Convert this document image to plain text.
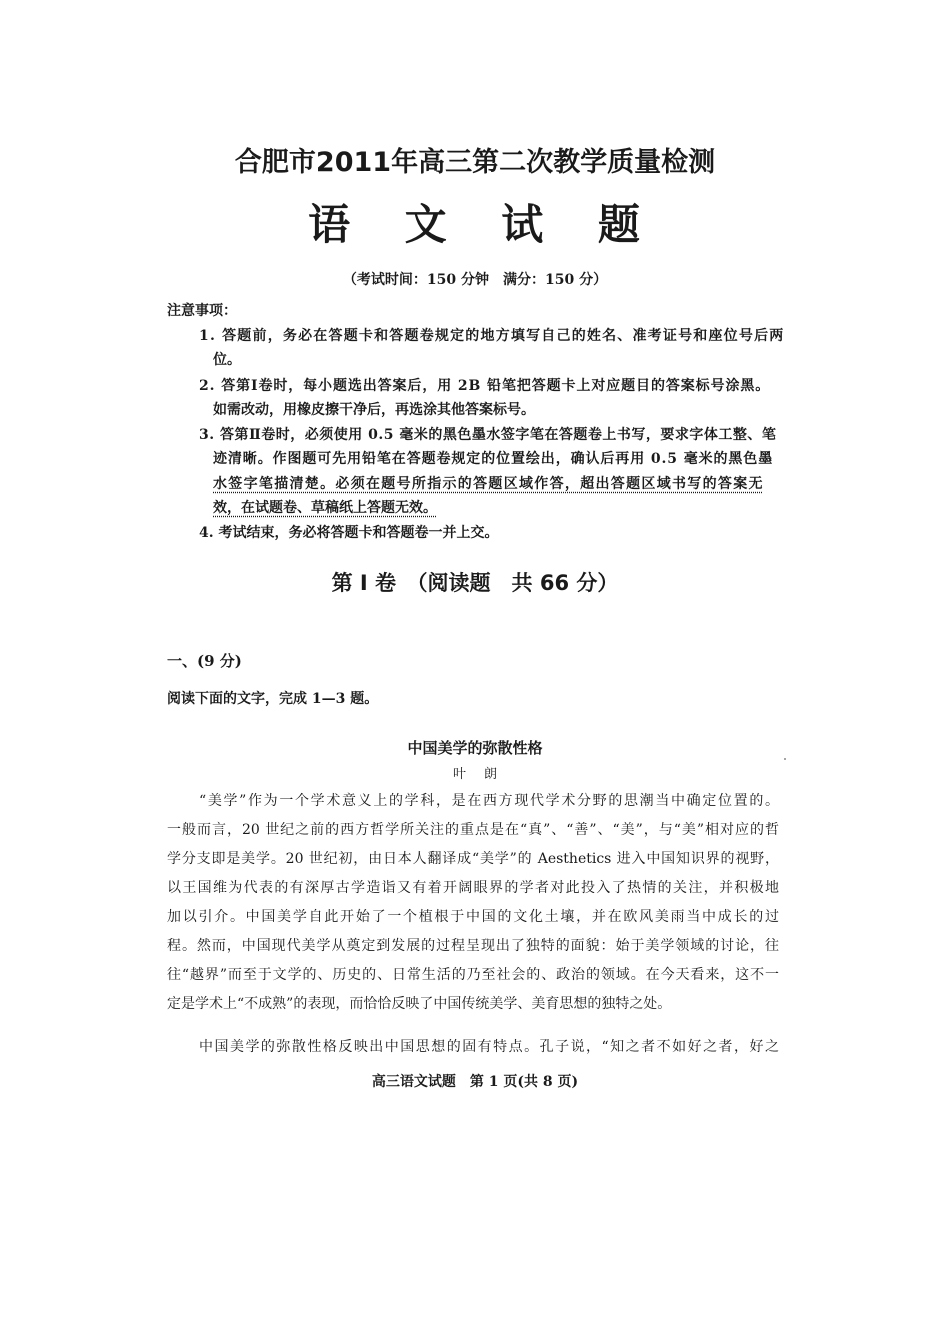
合肥市2011年高三第二次教学质量检测
语 文 试 题
（考试时间：150 分钟　满分：150 分）
注意事项：
1. 答题前，务必在答题卡和答题卷规定的地方填写自己的姓名、准考证号和座位号后两
位。
2. 答第Ⅰ卷时，每小题选出答案后，用 2B 铅笔把答题卡上对应题目的答案标号涂黑。
如需改动，用橡皮擦干净后，再选涂其他答案标号。
3. 答第Ⅱ卷时，必须使用 0.5 毫米的黑色墨水签字笔在答题卷上书写，要求字体工整、笔
迹清晰。作图题可先用铅笔在答题卷规定的位置绘出，确认后再用 0.5 毫米的黑色墨
水签字笔描清楚。必须在题号所指示的答题区域作答，超出答题区域书写的答案无
效，在试题卷、草稿纸上答题无效。
4. 考试结束，务必将答题卡和答题卷一并上交。
第 Ⅰ 卷　（阅读题　共 66 分）
一、(9 分)
阅读下面的文字，完成 1—3 题。
中国美学的弥散性格
叶朗
“美学”作为一个学术意义上的学科，是在西方现代学术分野的思潮当中确定位置的。
一般而言，20 世纪之前的西方哲学所关注的重点是在“真”、“善”、“美”，与“美”相对应的哲
学分支即是美学。20 世纪初，由日本人翻译成“美学”的 Aesthetics 进入中国知识界的视野，
以王国维为代表的有深厚古学造诣又有着开阔眼界的学者对此投入了热情的关注，并积极地
加以引介。中国美学自此开始了一个植根于中国的文化土壤，并在欧风美雨当中成长的过
程。然而，中国现代美学从奠定到发展的过程呈现出了独特的面貌：始于美学领域的讨论，往
往“越界”而至于文学的、历史的、日常生活的乃至社会的、政治的领域。在今天看来，这不一
定是学术上“不成熟”的表现，而恰恰反映了中国传统美学、美育思想的独特之处。
中国美学的弥散性格反映出中国思想的固有特点。孔子说，“知之者不如好之者，好之
高三语文试题　第 1 页(共 8 页)
